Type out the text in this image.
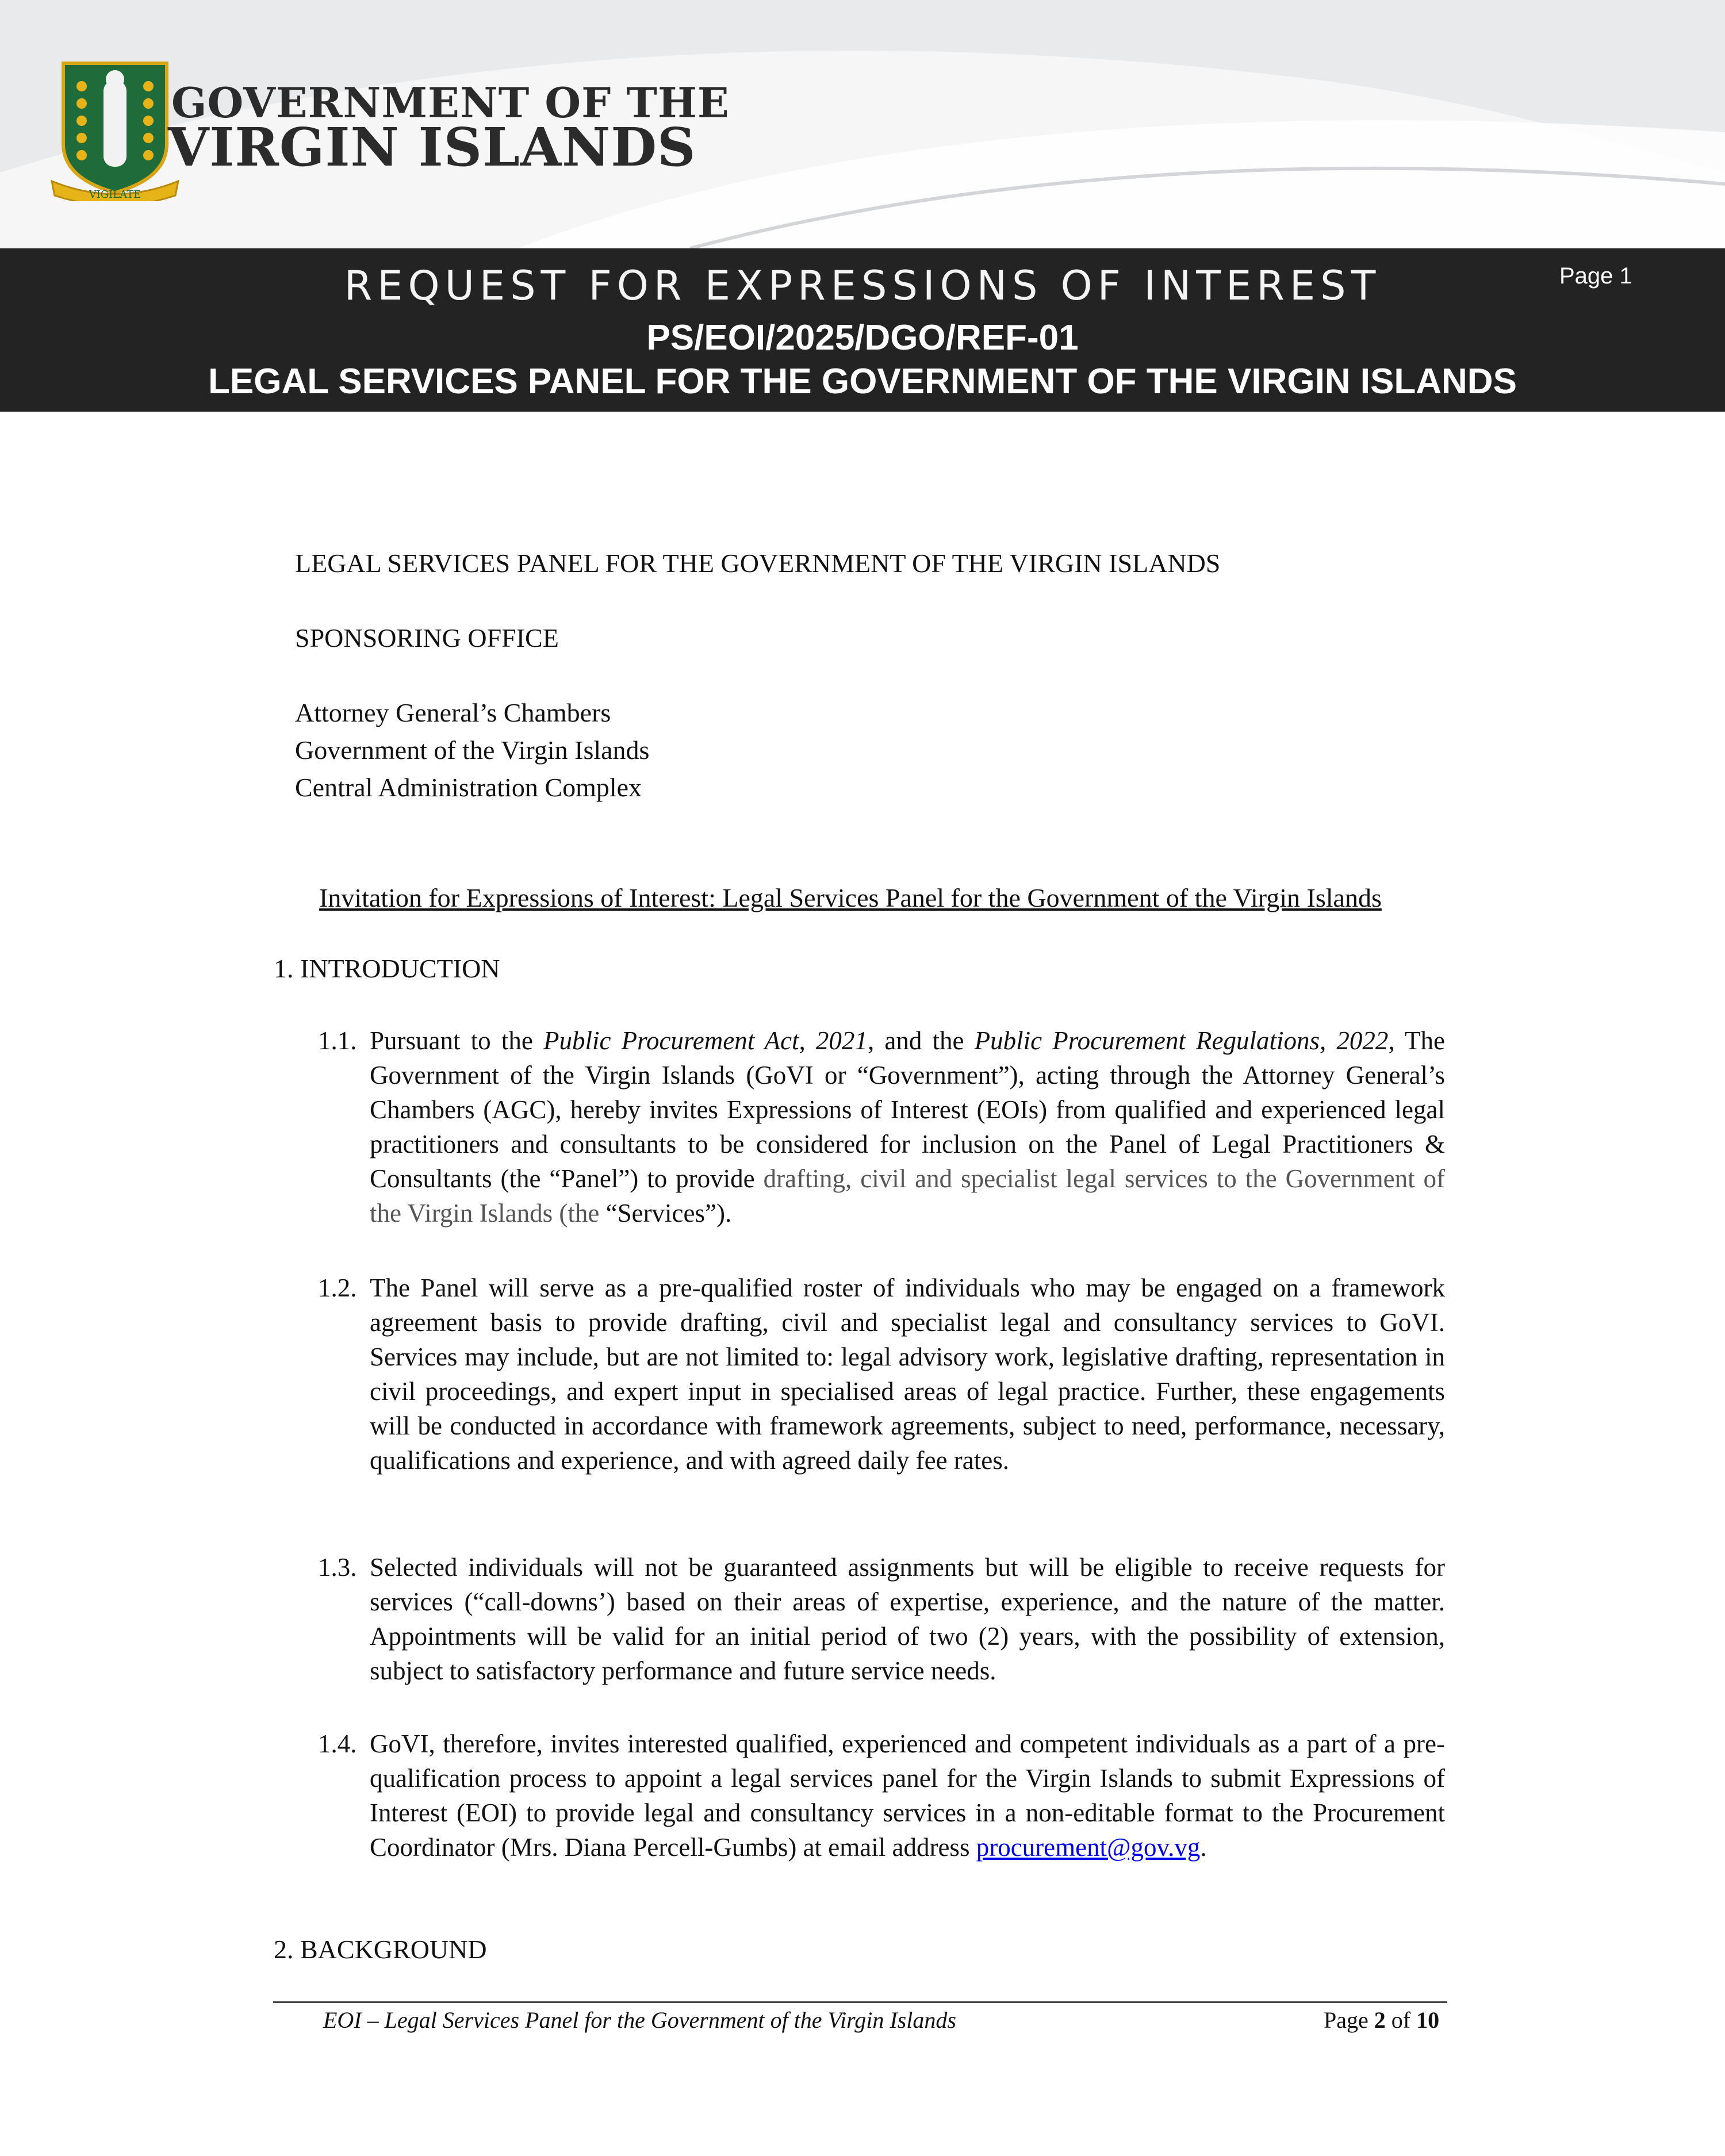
VIGILATE
GOVERNMENT OF THE
VIRGIN ISLANDS
REQUEST FOR EXPRESSIONS OF INTEREST
PS/EOI/2025/DGO/REF-01
LEGAL SERVICES PANEL FOR THE GOVERNMENT OF THE VIRGIN ISLANDS
Page 1
LEGAL SERVICES PANEL FOR THE GOVERNMENT OF THE VIRGIN ISLANDS
SPONSORING OFFICE
Attorney General’s Chambers
Government of the Virgin Islands
Central Administration Complex
Invitation for Expressions of Interest: Legal Services Panel for the Government of the Virgin Islands
1. INTRODUCTION
1.1. Pursuant to the Public Procurement Act, 2021, and the Public Procurement Regulations, 2022, The Government of the Virgin Islands (GoVI or “Government”), acting through the Attorney General’s Chambers (AGC), hereby invites Expressions of Interest (EOIs) from qualified and experienced legal practitioners and consultants to be considered for inclusion on the Panel of Legal Practitioners & Consultants (the “Panel”) to provide drafting, civil and specialist legal services to the Government of the Virgin Islands (the “Services”).
1.2. The Panel will serve as a pre-qualified roster of individuals who may be engaged on a framework agreement basis to provide drafting, civil and specialist legal and consultancy services to GoVI. Services may include, but are not limited to: legal advisory work, legislative drafting, representation in civil proceedings, and expert input in specialised areas of legal practice. Further, these engagements will be conducted in accordance with framework agreements, subject to need, performance, necessary, qualifications and experience, and with agreed daily fee rates.
1.3. Selected individuals will not be guaranteed assignments but will be eligible to receive requests for services (“call-downs’) based on their areas of expertise, experience, and the nature of the matter. Appointments will be valid for an initial period of two (2) years, with the possibility of extension, subject to satisfactory performance and future service needs.
1.4. GoVI, therefore, invites interested qualified, experienced and competent individuals as a part of a pre-qualification process to appoint a legal services panel for the Virgin Islands to submit Expressions of Interest (EOI) to provide legal and consultancy services in a non-editable format to the Procurement Coordinator (Mrs. Diana Percell-Gumbs) at email address procurement@gov.vg.
2. BACKGROUND
EOI – Legal Services Panel for the Government of the Virgin Islands	Page 2 of 10
